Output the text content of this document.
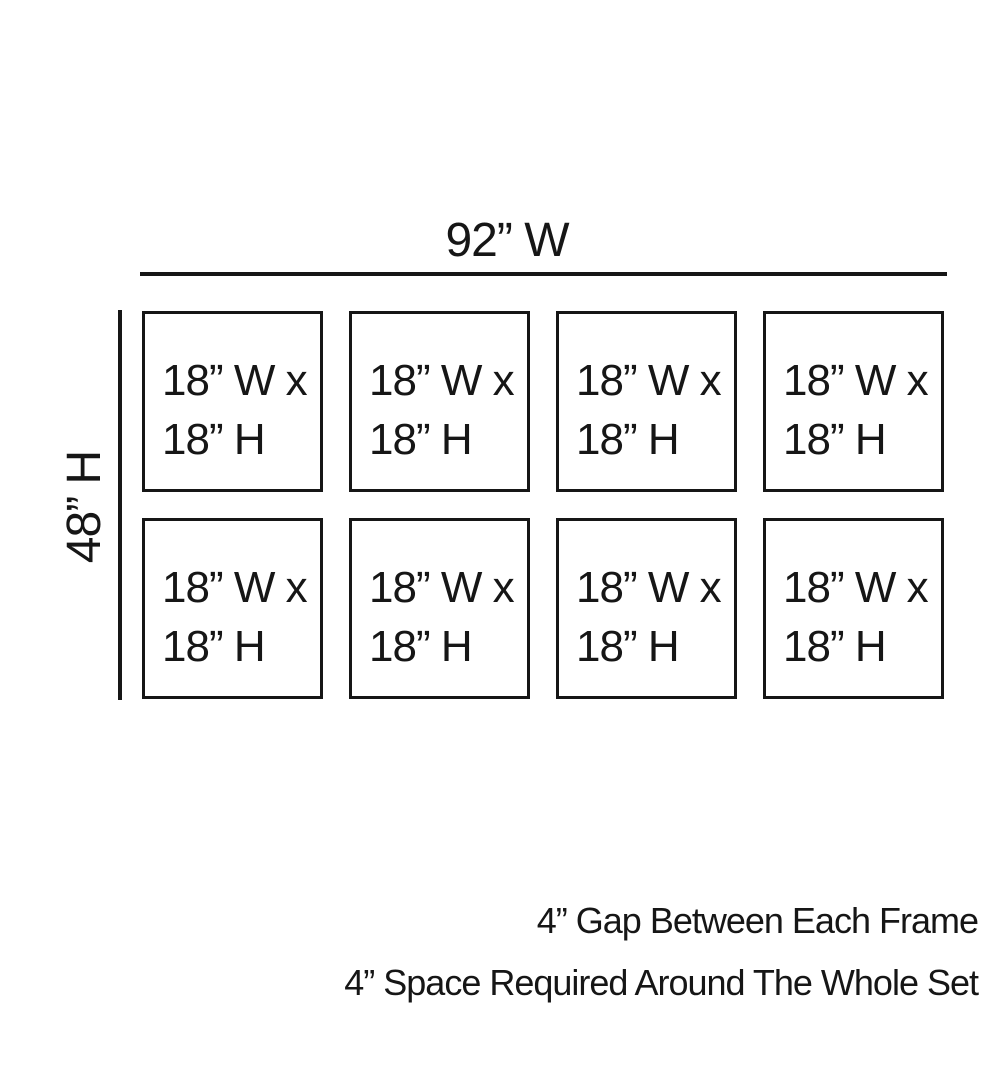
92” W
48” H
18” W x
18” H
18” W x
18” H
18” W x
18” H
18” W x
18” H
18” W x
18” H
18” W x
18” H
18” W x
18” H
18” W x
18” H
4” Gap Between Each Frame
4” Space Required Around The Whole Set
